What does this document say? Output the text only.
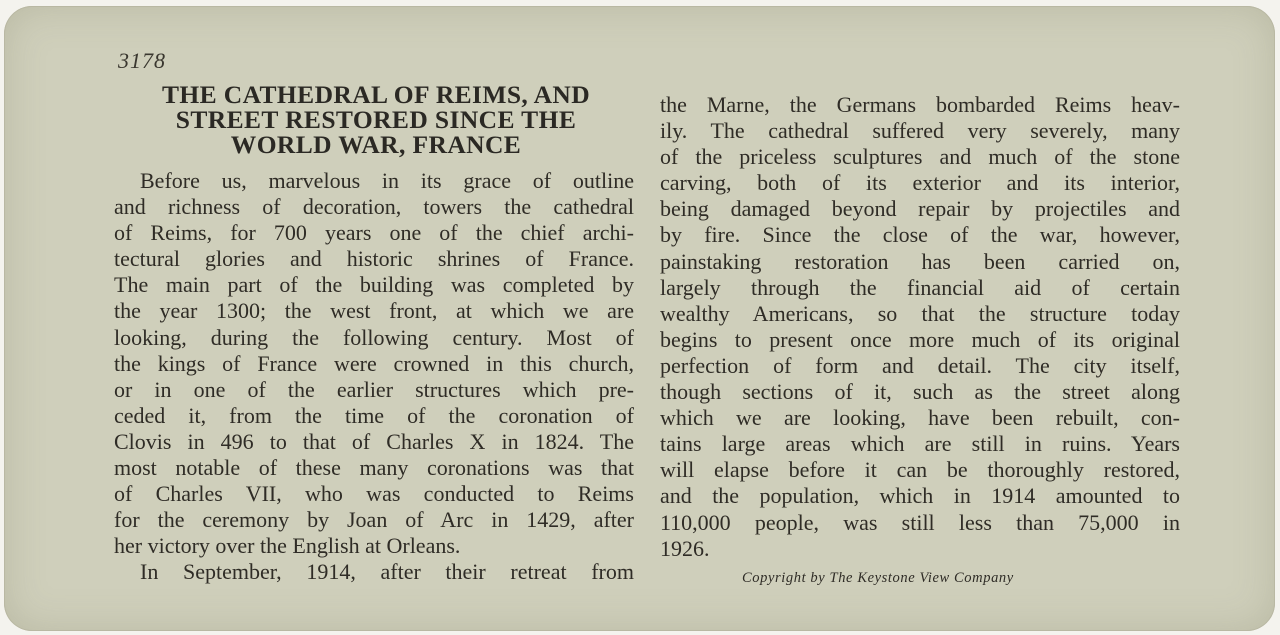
3178
THE CATHEDRAL OF REIMS, AND
STREET RESTORED SINCE THE
WORLD WAR, FRANCE
Before us, marvelous in its grace of outline
and richness of decoration, towers the cathedral
of Reims, for 700 years one of the chief archi-
tectural glories and historic shrines of France.
The main part of the building was completed by
the year 1300; the west front, at which we are
looking, during the following century. Most of
the kings of France were crowned in this church,
or in one of the earlier structures which pre-
ceded it, from the time of the coronation of
Clovis in 496 to that of Charles X in 1824. The
most notable of these many coronations was that
of Charles VII, who was conducted to Reims
for the ceremony by Joan of Arc in 1429, after
her victory over the English at Orleans.
In September, 1914, after their retreat from
the Marne, the Germans bombarded Reims heav-
ily. The cathedral suffered very severely, many
of the priceless sculptures and much of the stone
carving, both of its exterior and its interior,
being damaged beyond repair by projectiles and
by fire. Since the close of the war, however,
painstaking restoration has been carried on,
largely through the financial aid of certain
wealthy Americans, so that the structure today
begins to present once more much of its original
perfection of form and detail. The city itself,
though sections of it, such as the street along
which we are looking, have been rebuilt, con-
tains large areas which are still in ruins. Years
will elapse before it can be thoroughly restored,
and the population, which in 1914 amounted to
110,000 people, was still less than 75,000 in
1926.
Copyright by The Keystone View Company
